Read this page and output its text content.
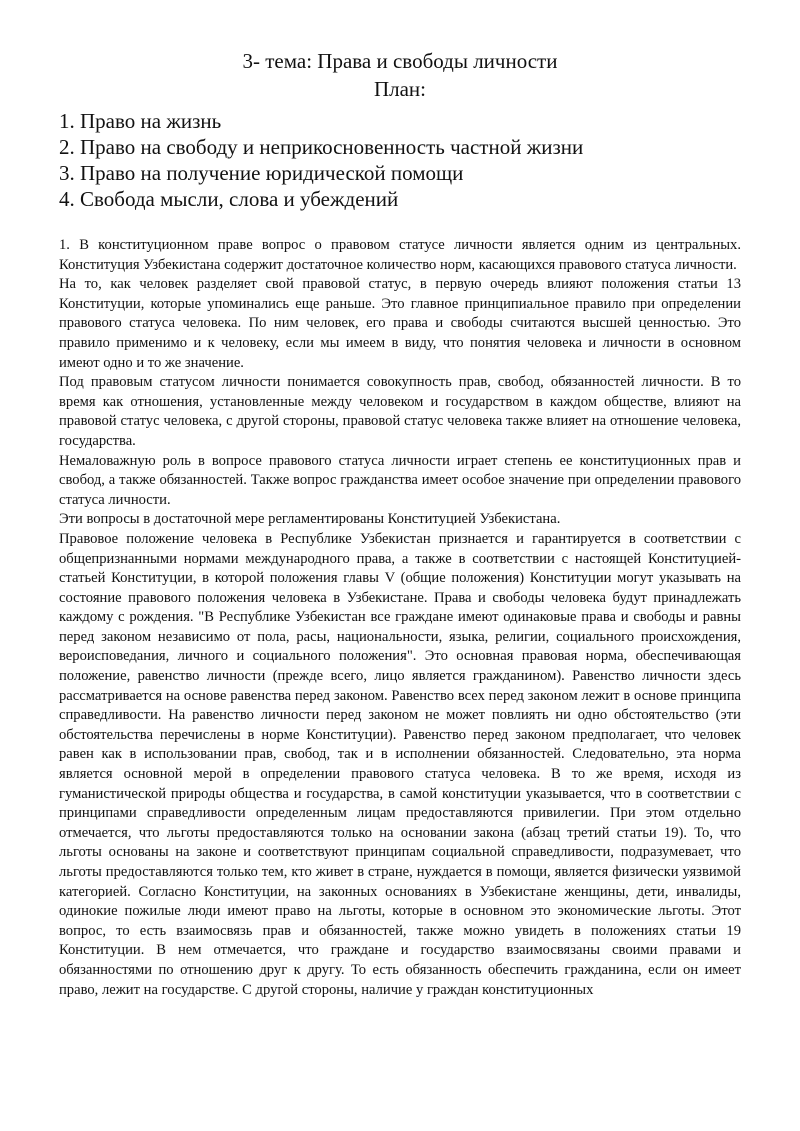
3- тема: Права и свободы личности
План:
1. Право на жизнь
2. Право на свободу и неприкосновенность частной жизни
3. Право на получение юридической помощи
4. Свобода мысли, слова и убеждений

1. В конституционном праве вопрос о правовом статусе личности является одним из центральных. Конституция Узбекистана содержит достаточное количество норм, касающихся правового статуса личности.

На то, как человек разделяет свой правовой статус, в первую очередь влияют положения статьи 13 Конституции, которые упоминались еще раньше. Это главное принципиальное правило при определении правового статуса человека. По ним человек, его права и свободы считаются высшей ценностью. Это правило применимо и к человеку, если мы имеем в виду, что понятия человека и личности в основном имеют одно и то же значение.

Под правовым статусом личности понимается совокупность прав, свобод, обязанностей личности. В то время как отношения, установленные между человеком и государством в каждом обществе, влияют на правовой статус человека, с другой стороны, правовой статус человека также влияет на отношение человека, государства.

Немаловажную роль в вопросе правового статуса личности играет степень ее конституционных прав и свобод, а также обязанностей. Также вопрос гражданства имеет особое значение при определении правового статуса личности.

Эти вопросы в достаточной мере регламентированы Конституцией Узбекистана.

Правовое положение человека в Республике Узбекистан признается и гарантируется в соответствии с общепризнанными нормами международного права, а также в соответствии с настоящей Конституцией-статьей Конституции, в которой положения главы V (общие положения) Конституции могут указывать на состояние правового положения человека в Узбекистане. Права и свободы человека будут принадлежать каждому с рождения. "В Республике Узбекистан все граждане имеют одинаковые права и свободы и равны перед законом независимо от пола, расы, национальности, языка, религии, социального происхождения, вероисповедания, личного и социального положения". Это основная правовая норма, обеспечивающая положение, равенство личности (прежде всего, лицо является гражданином). Равенство личности здесь рассматривается на основе равенства перед законом. Равенство всех перед законом лежит в основе принципа справедливости. На равенство личности перед законом не может повлиять ни одно обстоятельство (эти обстоятельства перечислены в норме Конституции). Равенство перед законом предполагает, что человек равен как в использовании прав, свобод, так и в исполнении обязанностей. Следовательно, эта норма является основной мерой в определении правового статуса человека. В то же время, исходя из гуманистической природы общества и государства, в самой конституции указывается, что в соответствии с принципами справедливости определенным лицам предоставляются привилегии. При этом отдельно отмечается, что льготы предоставляются только на основании закона (абзац третий статьи 19). То, что льготы основаны на законе и соответствуют принципам социальной справедливости, подразумевает, что льготы предоставляются только тем, кто живет в стране, нуждается в помощи, является физически уязвимой категорией. Согласно Конституции, на законных основаниях в Узбекистане женщины, дети, инвалиды, одинокие пожилые люди имеют право на льготы, которые в основном это экономические льготы. Этот вопрос, то есть взаимосвязь прав и обязанностей, также можно увидеть в положениях статьи 19 Конституции. В нем отмечается, что граждане и государство взаимосвязаны своими правами и обязанностями по отношению друг к другу. То есть обязанность обеспечить гражданина, если он имеет право, лежит на государстве. С другой стороны, наличие у граждан конституционных
